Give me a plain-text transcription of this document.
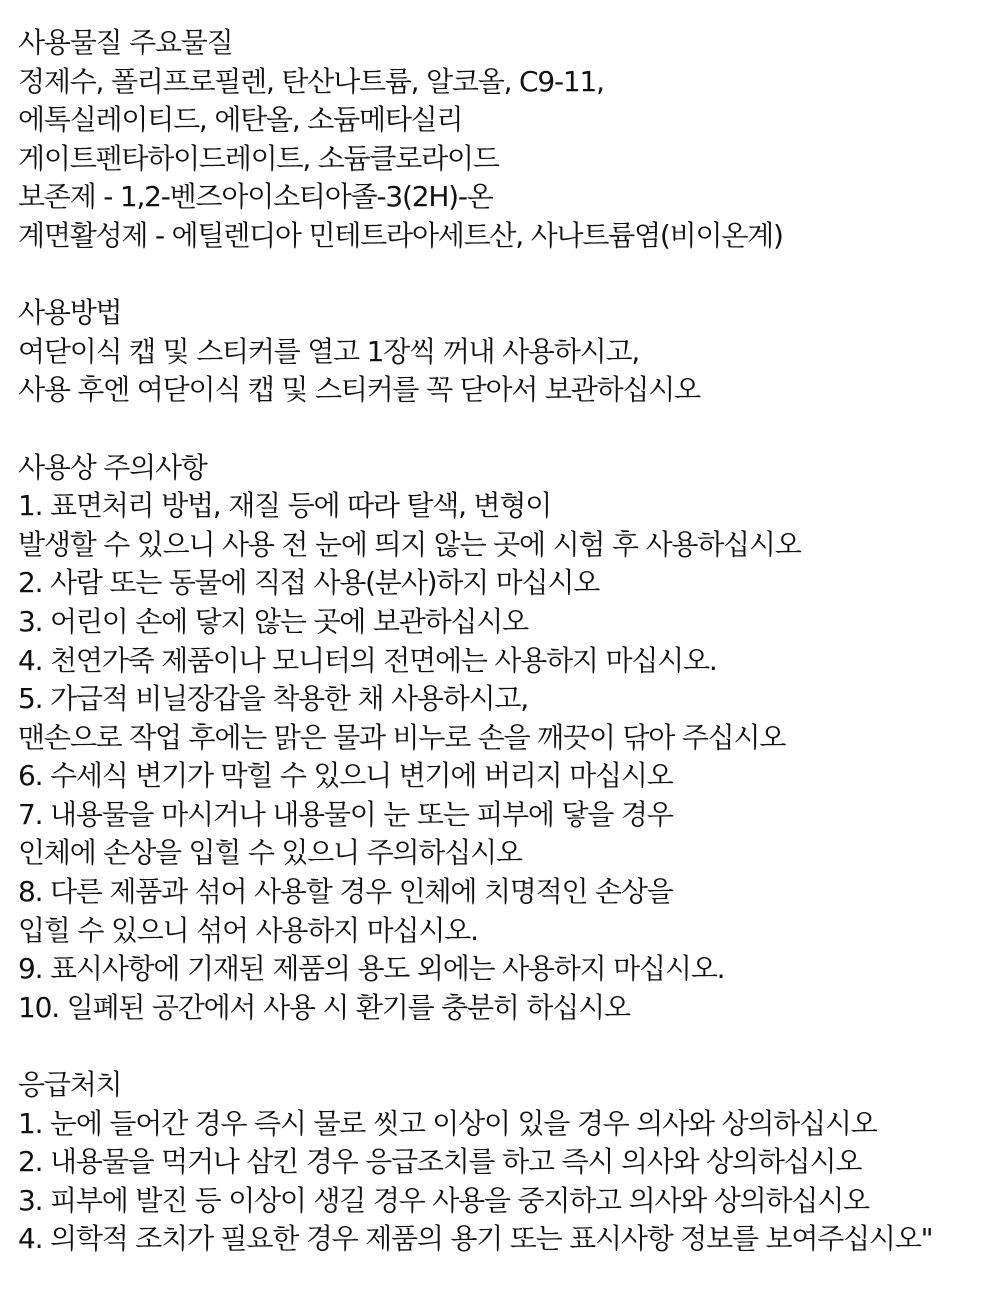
사용물질 주요물질
정제수, 폴리프로필렌, 탄산나트륨, 알코올, C9-11,
에톡실레이티드, 에탄올, 소듐메타실리
게이트펜타하이드레이트, 소듐클로라이드
보존제 - 1,2-벤즈아이소티아졸-3(2H)-온
계면활성제 - 에틸렌디아 민테트라아세트산, 사나트륨염(비이온계)
사용방법
여닫이식 캡 및 스티커를 열고 1장씩 꺼내 사용하시고,
사용 후엔 여닫이식 캡 및 스티커를 꼭 닫아서 보관하십시오
사용상 주의사항
1. 표면처리 방법, 재질 등에 따라 탈색, 변형이
발생할 수 있으니 사용 전 눈에 띄지 않는 곳에 시험 후 사용하십시오
2. 사람 또는 동물에 직접 사용(분사)하지 마십시오
3. 어린이 손에 닿지 않는 곳에 보관하십시오
4. 천연가죽 제품이나 모니터의 전면에는 사용하지 마십시오.
5. 가급적 비닐장갑을 착용한 채 사용하시고,
맨손으로 작업 후에는 맑은 물과 비누로 손을 깨끗이 닦아 주십시오
6. 수세식 변기가 막힐 수 있으니 변기에 버리지 마십시오
7. 내용물을 마시거나 내용물이 눈 또는 피부에 닿을 경우
인체에 손상을 입힐 수 있으니 주의하십시오
8. 다른 제품과 섞어 사용할 경우 인체에 치명적인 손상을
입힐 수 있으니 섞어 사용하지 마십시오.
9. 표시사항에 기재된 제품의 용도 외에는 사용하지 마십시오.
10. 일폐된 공간에서 사용 시 환기를 충분히 하십시오
응급처치
1. 눈에 들어간 경우 즉시 물로 씻고 이상이 있을 경우 의사와 상의하십시오
2. 내용물을 먹거나 삼킨 경우 응급조치를 하고 즉시 의사와 상의하십시오
3. 피부에 발진 등 이상이 생길 경우 사용을 중지하고 의사와 상의하십시오
4. 의학적 조치가 필요한 경우 제품의 용기 또는 표시사항 정보를 보여주십시오"
